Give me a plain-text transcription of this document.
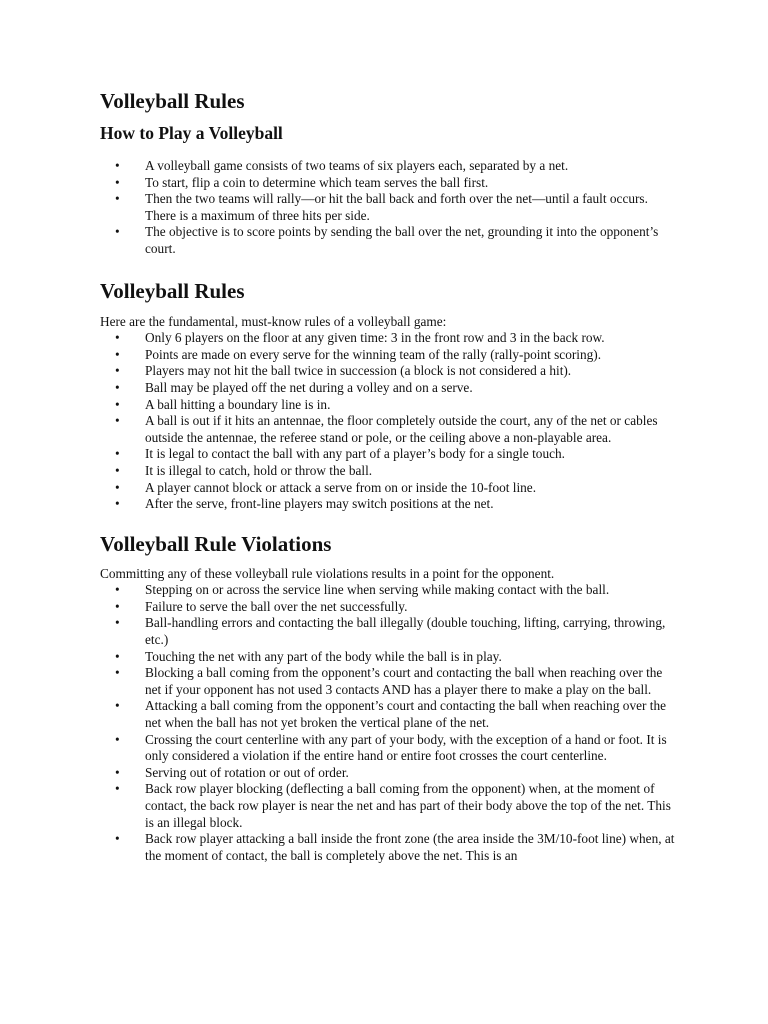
Volleyball Rules
How to Play a Volleyball
• A volleyball game consists of two teams of six players each, separated by a net.
• To start, flip a coin to determine which team serves the ball first.
• Then the two teams will rally—or hit the ball back and forth over the net—until a fault occurs. There is a maximum of three hits per side.
• The objective is to score points by sending the ball over the net, grounding it into the opponent’s court.
Volleyball Rules

Here are the fundamental, must-know rules of a volleyball game:

• Only 6 players on the floor at any given time: 3 in the front row and 3 in the back row.
• Points are made on every serve for the winning team of the rally (rally-point scoring).
• Players may not hit the ball twice in succession (a block is not considered a hit).
• Ball may be played off the net during a volley and on a serve.
• A ball hitting a boundary line is in.
• A ball is out if it hits an antennae, the floor completely outside the court, any of the net or cables outside the antennae, the referee stand or pole, or the ceiling above a non-playable area.
• It is legal to contact the ball with any part of a player’s body for a single touch.
• It is illegal to catch, hold or throw the ball.
• A player cannot block or attack a serve from on or inside the 10-foot line.
• After the serve, front-line players may switch positions at the net.
Volleyball Rule Violations

Committing any of these volleyball rule violations results in a point for the opponent.

• Stepping on or across the service line when serving while making contact with the ball.
• Failure to serve the ball over the net successfully.
• Ball-handling errors and contacting the ball illegally (double touching, lifting, carrying, throwing, etc.)
• Touching the net with any part of the body while the ball is in play.
• Blocking a ball coming from the opponent’s court and contacting the ball when reaching over the net if your opponent has not used 3 contacts AND has a player there to make a play on the ball.
• Attacking a ball coming from the opponent’s court and contacting the ball when reaching over the net when the ball has not yet broken the vertical plane of the net.
• Crossing the court centerline with any part of your body, with the exception of a hand or foot. It is only considered a violation if the entire hand or entire foot crosses the court centerline.
• Serving out of rotation or out of order.
• Back row player blocking (deflecting a ball coming from the opponent) when, at the moment of contact, the back row player is near the net and has part of their body above the top of the net. This is an illegal block.
• Back row player attacking a ball inside the front zone (the area inside the 3M/10-foot line) when, at the moment of contact, the ball is completely above the net. This is an
